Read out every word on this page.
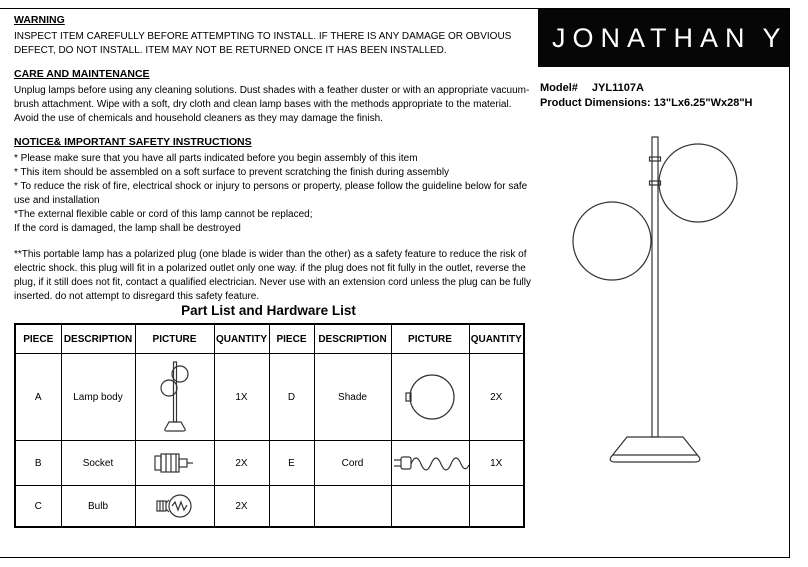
WARNING

INSPECT ITEM CAREFULLY BEFORE ATTEMPTING TO INSTALL. IF THERE IS ANY DAMAGE OR OBVIOUS DEFECT, DO NOT INSTALL. ITEM MAY NOT BE RETURNED ONCE IT HAS BEEN INSTALLED.

CARE AND MAINTENANCE

Unplug lamps before using any cleaning solutions. Dust shades with a feather duster or with an appropriate vacuum-brush attachment. Wipe with a soft, dry cloth and clean lamp bases with the methods appropriate to the material. Avoid the use of chemicals and household cleaners as they may damage the finish.

NOTICE& IMPORTANT SAFETY INSTRUCTIONS

* Please make sure that you have all parts indicated before you begin assembly of this item

* This item should be assembled on a soft surface to prevent scratching the finish during assembly

* To reduce the risk of fire, electrical shock or injury to persons or property, please follow the guideline below for safe use and installation

*The external flexible cable or cord of this lamp cannot be replaced;

If the cord is damaged, the lamp shall be destroyed

**This portable lamp has a polarized plug (one blade is wider than the other) as a safety feature to reduce the risk of electric shock. this plug will fit in a polarized outlet only one way. if the plug does not fit fully in the outlet, reverse the plug, if it still does not fit, contact a qualified electrician. Never use with an extension cord unless the plug can be fully inserted. do not attempt to disregard this safety feature.

Part List and Hardware List
PIECE	DESCRIPTION	PICTURE	QUANTITY	PIECE	DESCRIPTION	PICTURE	QUANTITY
A	Lamp body		1X	D	Shade		2X
B	Socket		2X	E	Cord		1X
C	Bulb		2X				
JONATHAN Y
Model# JYL1107A
Product Dimensions: 13"Lx6.25"Wx28"H
